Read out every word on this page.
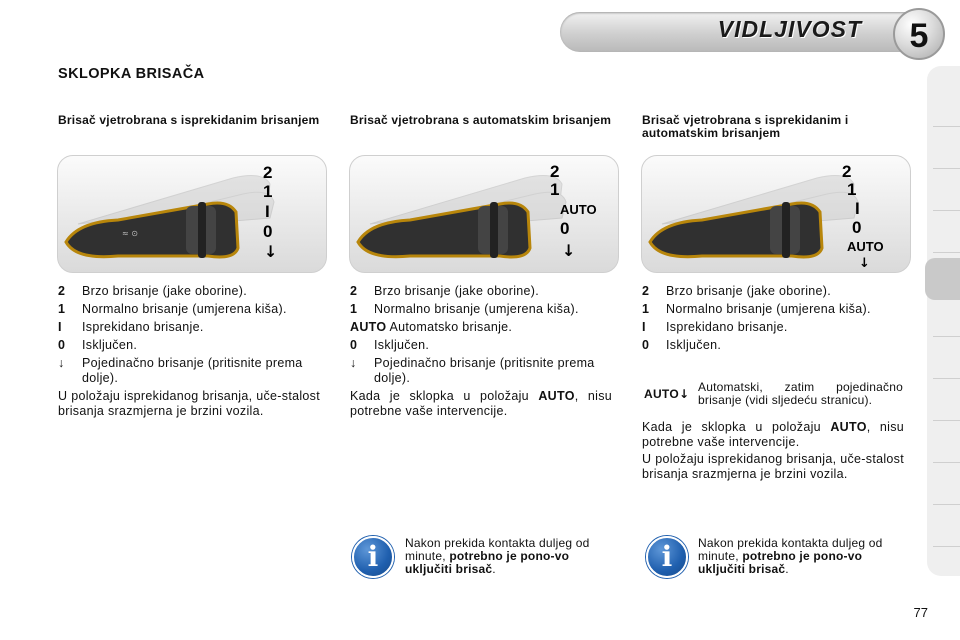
VIDLJIVOST	5
SKLOPKA BRISAČA
Brisač vjetrobrana s isprekidanim brisanjem
≈ ⊙
2
1
I
0
↓
2 Brzo brisanje (jake oborine).
1 Normalno brisanje (umjerena kiša).
I Isprekidano brisanje.
0 Isključen.
↓ Pojedinačno brisanje (pritisnite prema dolje).
U položaju isprekidanog brisanja, uče-stalost brisanja srazmjerna je brzini vozila.
Brisač vjetrobrana s automatskim brisanjem
2
1
AUTO
0
↓
2 Brzo brisanje (jake oborine).
1 Normalno brisanje (umjerena kiša).
AUTO Automatsko brisanje.
0 Isključen.
↓ Pojedinačno brisanje (pritisnite prema dolje).
Kada je sklopka u položaju AUTO, nisu potrebne vaše intervencije.
i	Nakon prekida kontakta duljeg od minute, potrebno je pono-vo uključiti brisač.
Brisač vjetrobrana s isprekidanim i automatskim brisanjem
2
1
I
0
AUTO
↓
2 Brzo brisanje (jake oborine).
1 Normalno brisanje (umjerena kiša).
I Isprekidano brisanje.
0 Isključen.
AUTO↓ Automatski, zatim pojedinačno brisanje (vidi sljedeću stranicu).
Kada je sklopka u položaju AUTO, nisu potrebne vaše intervencije.
U položaju isprekidanog brisanja, uče-stalost brisanja srazmjerna je brzini vozila.
i	Nakon prekida kontakta duljeg od minute, potrebno je pono-vo uključiti brisač.
77
